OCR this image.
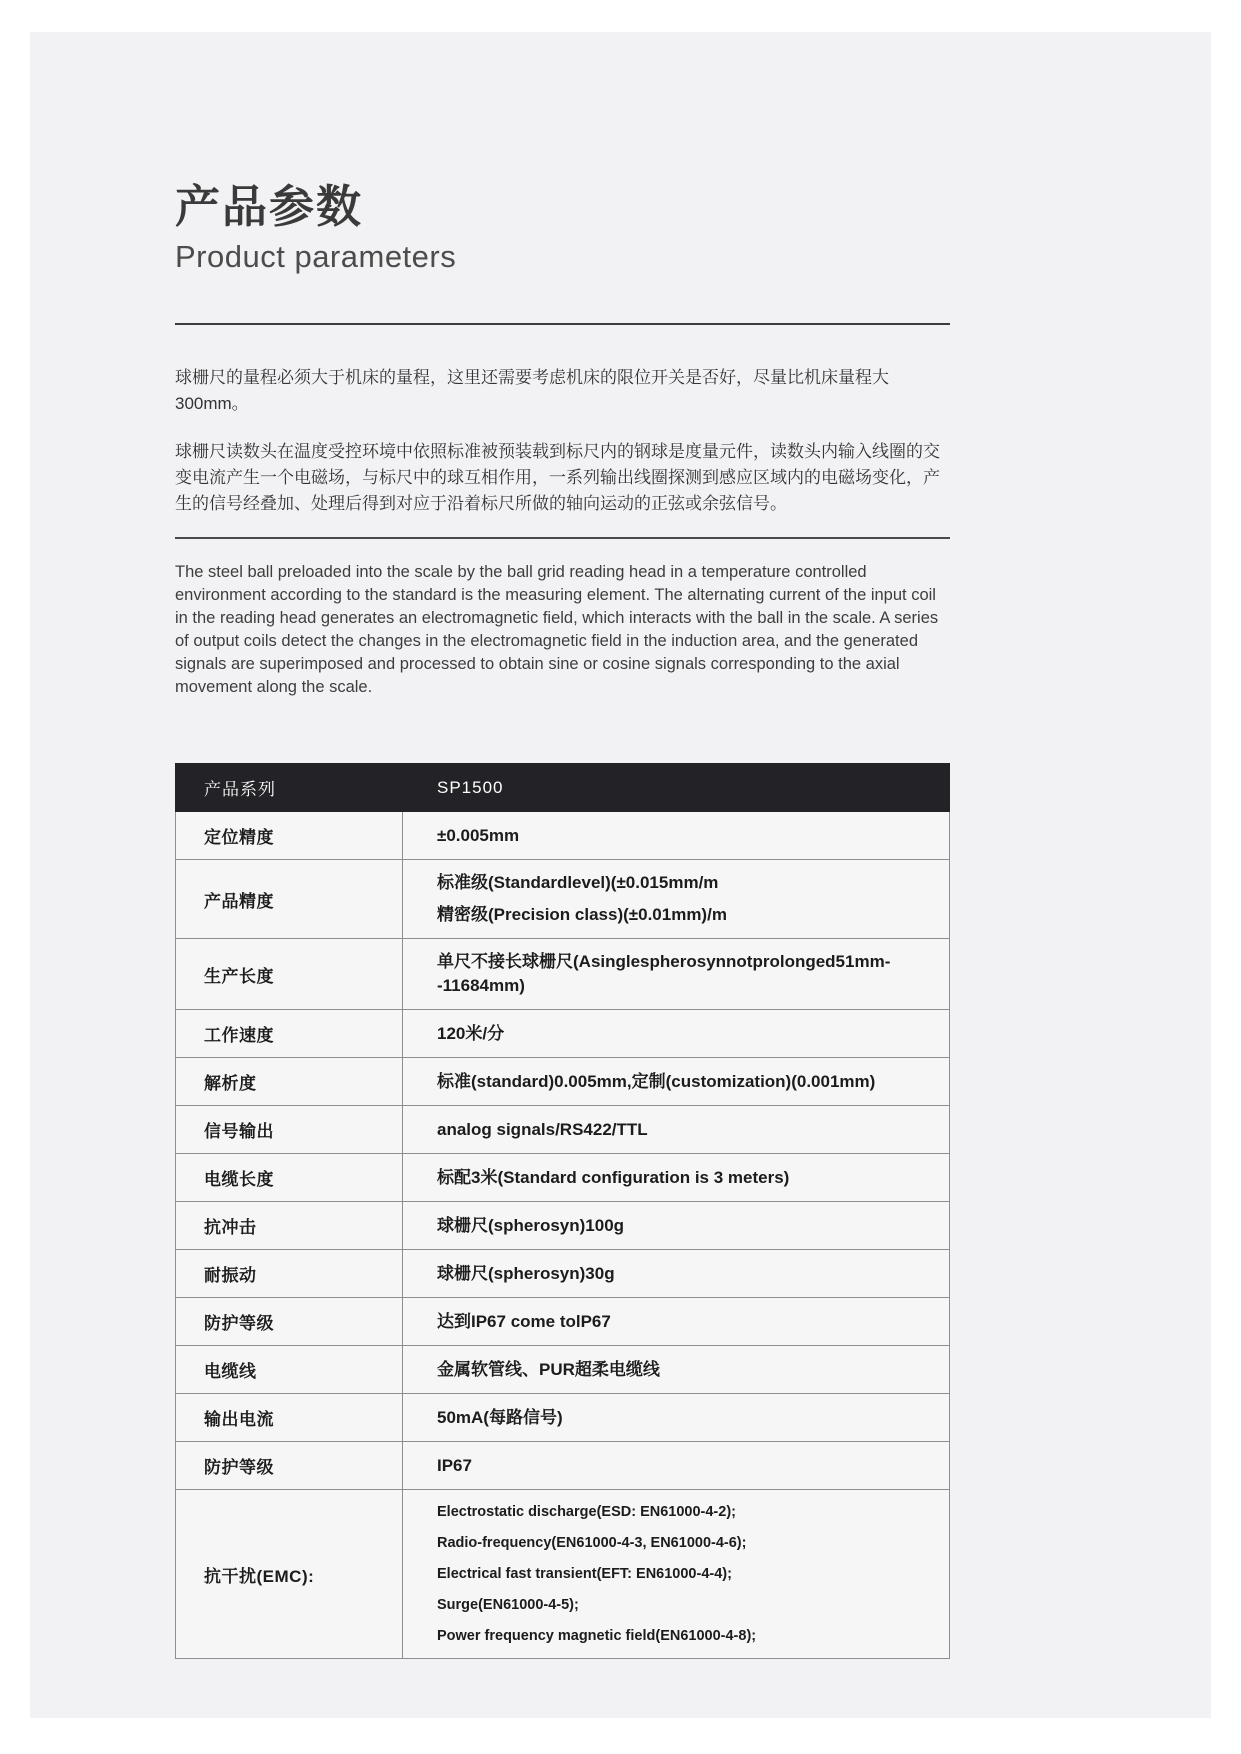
产品参数
Product parameters

球栅尺的量程必须大于机床的量程，这里还需要考虑机床的限位开关是否好，尽量比机床量程大300mm。

球栅尺读数头在温度受控环境中依照标准被预装载到标尺内的钢球是度量元件，读数头内输入线圈的交变电流产生一个电磁场，与标尺中的球互相作用，一系列输出线圈探测到感应区域内的电磁场变化，产生的信号经叠加、处理后得到对应于沿着标尺所做的轴向运动的正弦或余弦信号。

The steel ball preloaded into the scale by the ball grid reading head in a temperature controlled environment according to the standard is the measuring element. The alternating current of the input coil in the reading head generates an electromagnetic field, which interacts with the ball in the scale. A series of output coils detect the changes in the electromagnetic field in the induction area, and the generated signals are superimposed and processed to obtain sine or cosine signals corresponding to the axial movement along the scale.

产品系列	SP1500
定位精度	±0.005mm

产品精度	标准级(Standardlevel)(±0.015mm/m
精密级(Precision class)(±0.01mm)/m

生产长度	单尺不接长球栅尺(Asinglespherosynnotprolonged51mm--11684mm)

工作速度	120米/分

解析度	标准(standard)0.005mm,定制(customization)(0.001mm)

信号输出	analog signals/RS422/TTL

电缆长度	标配3米(Standard configuration is 3 meters)

抗冲击	球栅尺(spherosyn)100g

耐振动	球栅尺(spherosyn)30g

防护等级	达到IP67 come tolP67

电缆线	金属软管线、PUR超柔电缆线

输出电流	50mA(每路信号)

防护等级	IP67

抗干扰(EMC):	Electrostatic discharge(ESD: EN61000-4-2);
Radio-frequency(EN61000-4-3, EN61000-4-6);
Electrical fast transient(EFT: EN61000-4-4);
Surge(EN61000-4-5);
Power frequency magnetic field(EN61000-4-8);
